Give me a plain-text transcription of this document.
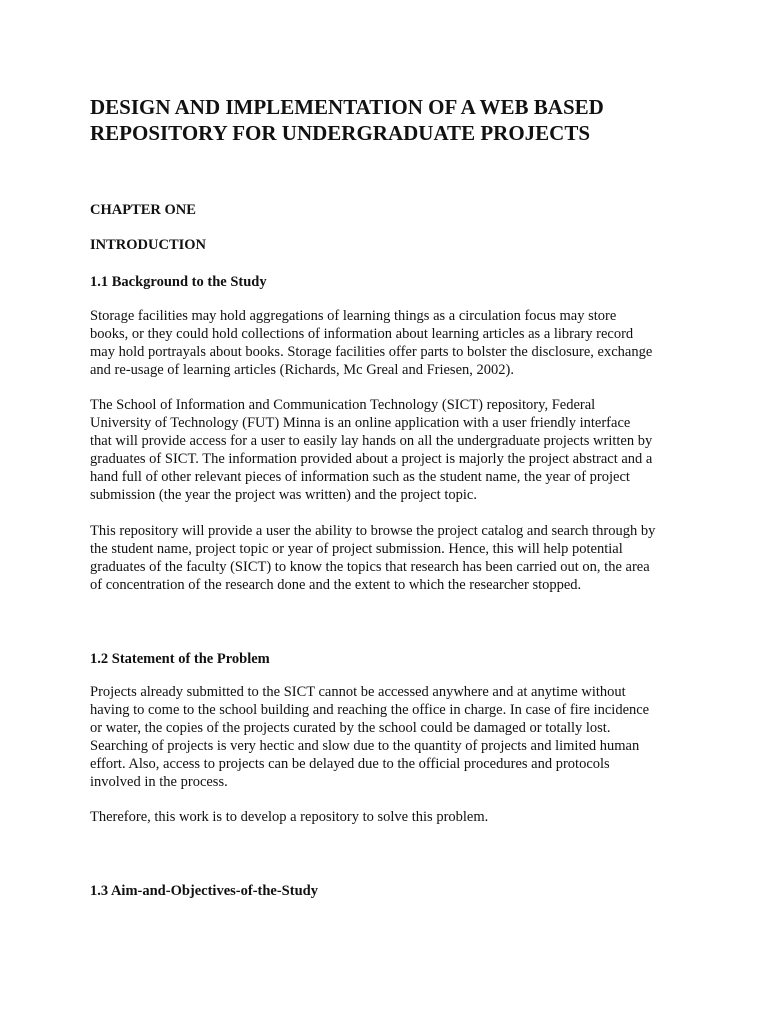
DESIGN AND IMPLEMENTATION OF A WEB BASED
REPOSITORY FOR UNDERGRADUATE PROJECTS

CHAPTER ONE

INTRODUCTION

1.1 Background to the Study

Storage facilities may hold aggregations of learning things as a circulation focus may store
books, or they could hold collections of information about learning articles as a library record
may hold portrayals about books. Storage facilities offer parts to bolster the disclosure, exchange
and re-usage of learning articles (Richards, Mc Greal and Friesen, 2002).
The School of Information and Communication Technology (SICT) repository, Federal
University of Technology (FUT) Minna is an online application with a user friendly interface
that will provide access for a user to easily lay hands on all the undergraduate projects written by
graduates of SICT. The information provided about a project is majorly the project abstract and a
hand full of other relevant pieces of information such as the student name, the year of project
submission (the year the project was written) and the project topic.
This repository will provide a user the ability to browse the project catalog and search through by
the student name, project topic or year of project submission. Hence, this will help potential
graduates of the faculty (SICT) to know the topics that research has been carried out on, the area
of concentration of the research done and the extent to which the researcher stopped.

1.2 Statement of the Problem

Projects already submitted to the SICT cannot be accessed anywhere and at anytime without
having to come to the school building and reaching the office in charge. In case of fire incidence
or water, the copies of the projects curated by the school could be damaged or totally lost.
Searching of projects is very hectic and slow due to the quantity of projects and limited human
effort. Also, access to projects can be delayed due to the official procedures and protocols
involved in the process.
Therefore, this work is to develop a repository to solve this problem.

1.3 Aim-and-Objectives-of-the-Study
